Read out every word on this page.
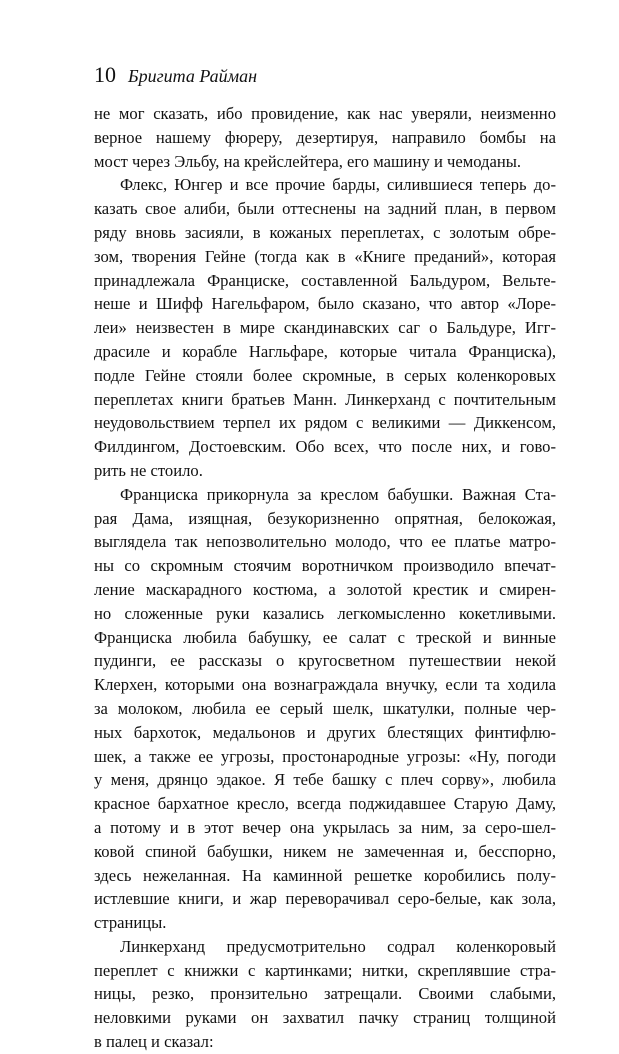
10 Бригита Райман
не мог сказать, ибо провидение, как нас уверяли, неизменно
верное нашему фюреру, дезертируя, направило бомбы на
мост через Эльбу, на крейслейтера, его машину и чемоданы.
Флекс, Юнгер и все прочие барды, силившиеся теперь до-
казать свое алиби, были оттеснены на задний план, в первом
ряду вновь засияли, в кожаных переплетах, с золотым обре-
зом, творения Гейне (тогда как в «Книге преданий», которая
принадлежала Франциске, составленной Бальдуром, Вельте-
неше и Шифф Нагельфаром, было сказано, что автор «Лоре-
леи» неизвестен в мире скандинавских саг о Бальдуре, Игг-
драсиле и корабле Нагльфаре, которые читала Франциска),
подле Гейне стояли более скромные, в серых коленкоровых
переплетах книги братьев Манн. Линкерханд с почтительным
неудовольствием терпел их рядом с великими — Диккенсом,
Филдингом, Достоевским. Обо всех, что после них, и гово-
рить не стоило.
Франциска прикорнула за креслом бабушки. Важная Ста-
рая Дама, изящная, безукоризненно опрятная, белокожая,
выглядела так непозволительно молодо, что ее платье матро-
ны со скромным стоячим воротничком производило впечат-
ление маскарадного костюма, а золотой крестик и смирен-
но сложенные руки казались легкомысленно кокетливыми.
Франциска любила бабушку, ее салат с треской и винные
пудинги, ее рассказы о кругосветном путешествии некой
Клерхен, которыми она вознаграждала внучку, если та ходила
за молоком, любила ее серый шелк, шкатулки, полные чер-
ных бархоток, медальонов и других блестящих финтифлю-
шек, а также ее угрозы, простонародные угрозы: «Ну, погоди
у меня, дрянцо эдакое. Я тебе башку с плеч сорву», любила
красное бархатное кресло, всегда поджидавшее Старую Даму,
а потому и в этот вечер она укрылась за ним, за серо-шел-
ковой спиной бабушки, никем не замеченная и, бесспорно,
здесь нежеланная. На каминной решетке коробились полу-
истлевшие книги, и жар переворачивал серо-белые, как зола,
страницы.
Линкерханд предусмотрительно содрал коленкоровый
переплет с книжки с картинками; нитки, скреплявшие стра-
ницы, резко, пронзительно затрещали. Своими слабыми,
неловкими руками он захватил пачку страниц толщиной
в палец и сказал:
